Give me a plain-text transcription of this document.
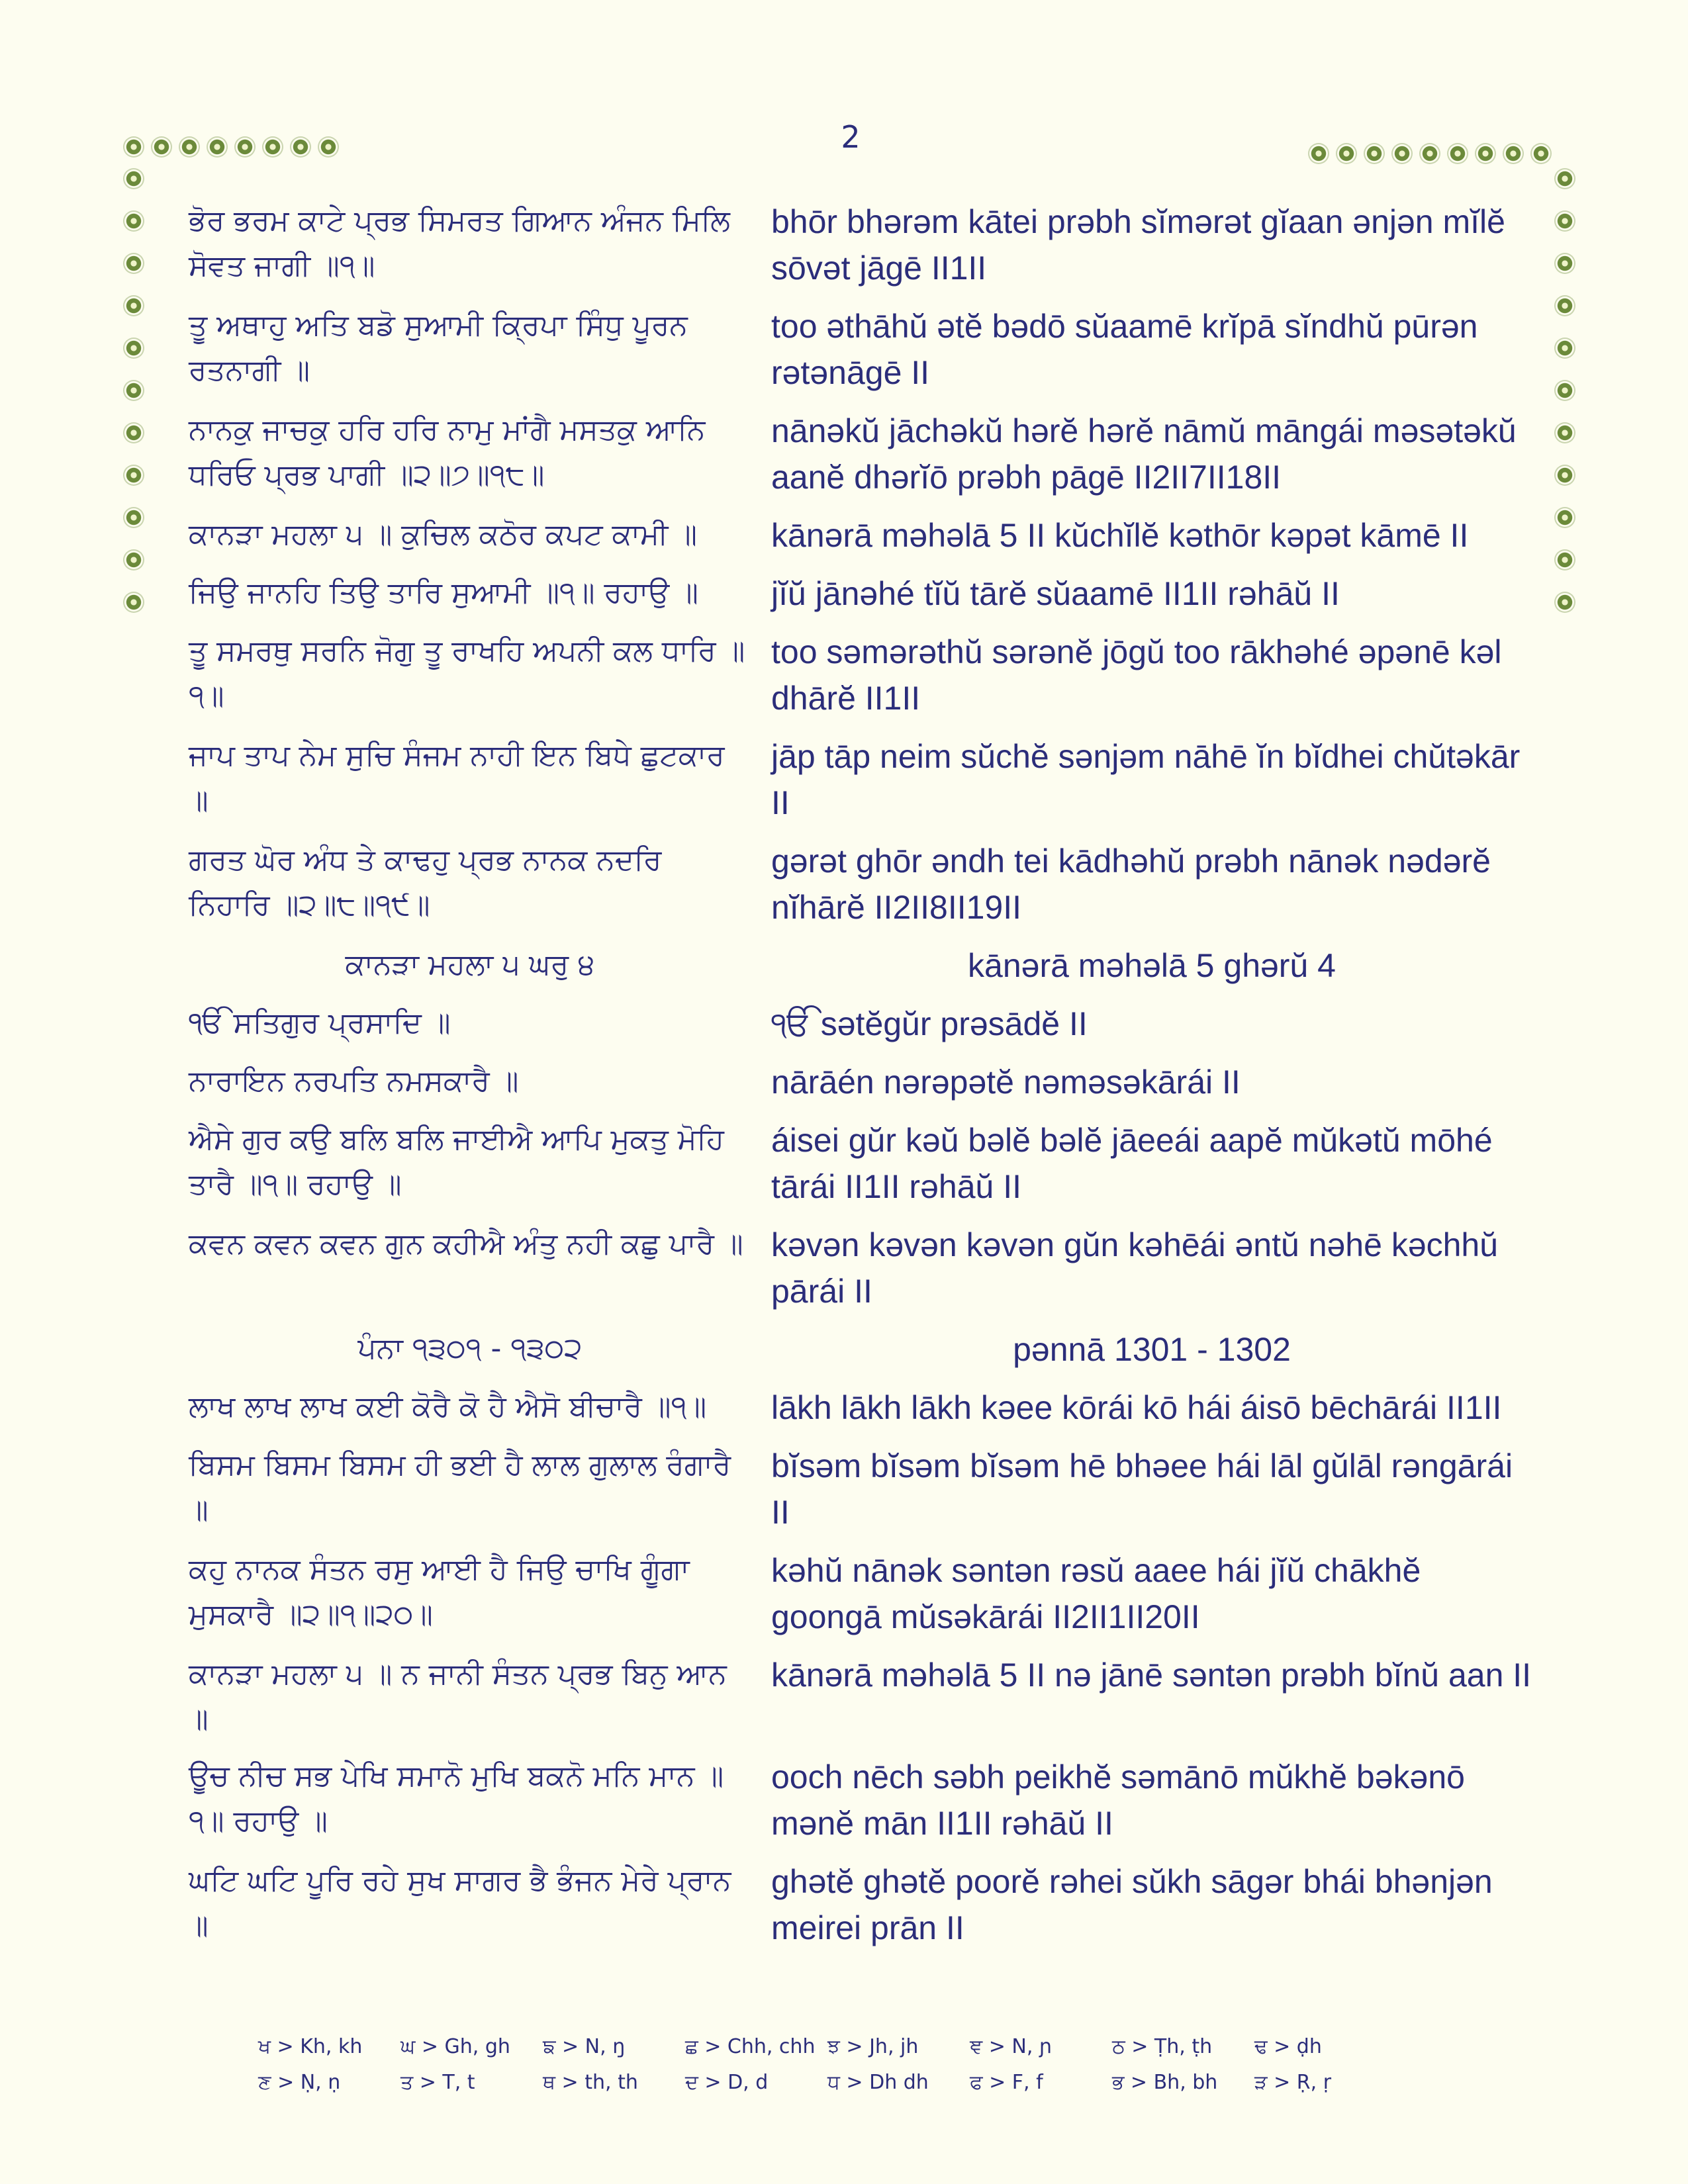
2
ਭੋਰ ਭਰਮ ਕਾਟੇ ਪ੍ਰਭ ਸਿਮਰਤ ਗਿਆਨ ਅੰਜਨ ਮਿਲਿ ਸੋਵਤ ਜਾਗੀ ॥੧॥
bhōr bhərəm kātei prəbh sĭmərət gĭaan ənjən mĭlĕ sōvət jāgē II1II
ਤੂ ਅਥਾਹੁ ਅਤਿ ਬਡੋ ਸੁਆਮੀ ਕ੍ਰਿਪਾ ਸਿੰਧੁ ਪੂਰਨ ਰਤਨਾਗੀ ॥
too əthāhŭ ətĕ bədō sŭaamē krĭpā sĭndhŭ pūrən rətənāgē II
ਨਾਨਕੁ ਜਾਚਕੁ ਹਰਿ ਹਰਿ ਨਾਮੁ ਮਾਂਗੈ ਮਸਤਕੁ ਆਨਿ ਧਰਿਓ ਪ੍ਰਭ ਪਾਗੀ ॥੨॥੭॥੧੮॥
nānəkŭ jāchəkŭ hərĕ hərĕ nāmŭ māngái məsətəkŭ aanĕ dhərĭō prəbh pāgē II2II7II18II
ਕਾਨੜਾ ਮਹਲਾ ੫ ॥ ਕੁਚਿਲ ਕਠੋਰ ਕਪਟ ਕਾਮੀ ॥	kānərā məhəlā 5 II kŭchĭlĕ kəthōr kəpət kāmē II
ਜਿਉ ਜਾਨਹਿ ਤਿਉ ਤਾਰਿ ਸੁਆਮੀ ॥੧॥ ਰਹਾਉ ॥	jĭŭ jānəhé tĭŭ tārĕ sŭaamē II1II rəhāŭ II
ਤੂ ਸਮਰਥੁ ਸਰਨਿ ਜੋਗੁ ਤੂ ਰਾਖਹਿ ਅਪਨੀ ਕਲ ਧਾਰਿ ॥੧॥
too səmərəthŭ sərənĕ jōgŭ too rākhəhé əpənē kəl dhārĕ II1II
ਜਾਪ ਤਾਪ ਨੇਮ ਸੁਚਿ ਸੰਜਮ ਨਾਹੀ ਇਨ ਬਿਧੇ ਛੁਟਕਾਰ ॥
jāp tāp neim sŭchĕ sənjəm nāhē ĭn bĭdhei chŭtəkār II
ਗਰਤ ਘੋਰ ਅੰਧ ਤੇ ਕਾਢਹੁ ਪ੍ਰਭ ਨਾਨਕ ਨਦਰਿ ਨਿਹਾਰਿ ॥੨॥੮॥੧੯॥
gərət ghōr əndh tei kādhəhŭ prəbh nānək nədərĕ nĭhārĕ II2II8II19II
ਕਾਨੜਾ ਮਹਲਾ ੫ ਘਰੁ ੪	kānərā məhəlā 5 ghərŭ 4
ੴ ਸਤਿਗੁਰ ਪ੍ਰਸਾਦਿ ॥	ੴ sətĕgŭr prəsādĕ II
ਨਾਰਾਇਨ ਨਰਪਤਿ ਨਮਸਕਾਰੈ ॥	nārāén nərəpətĕ nəməsəkārái II
ਐਸੇ ਗੁਰ ਕਉ ਬਲਿ ਬਲਿ ਜਾਈਐ ਆਪਿ ਮੁਕਤੁ ਮੋਹਿ ਤਾਰੈ ॥੧॥ ਰਹਾਉ ॥
áisei gŭr kəŭ bəlĕ bəlĕ jāeeái aapĕ mŭkətŭ mōhé tārái II1II rəhāŭ II
ਕਵਨ ਕਵਨ ਕਵਨ ਗੁਨ ਕਹੀਐ ਅੰਤੁ ਨਹੀ ਕਛੁ ਪਾਰੈ ॥ kəvən kəvən kəvən gŭn kəhēái əntŭ nəhē kəchhŭ pārái II
ਪੰਨਾ ੧੩੦੧ - ੧੩੦੨	pənnā 1301 - 1302
ਲਾਖ ਲਾਖ ਲਾਖ ਕਈ ਕੋਰੈ ਕੋ ਹੈ ਐਸੋ ਬੀਚਾਰੈ ॥੧॥	lākh lākh lākh kəee kōrái kō hái áisō bēchārái II1II
ਬਿਸਮ ਬਿਸਮ ਬਿਸਮ ਹੀ ਭਈ ਹੈ ਲਾਲ ਗੁਲਾਲ ਰੰਗਾਰੈ ॥
bĭsəm bĭsəm bĭsəm hē bhəee hái lāl gŭlāl rəngārái II
ਕਹੁ ਨਾਨਕ ਸੰਤਨ ਰਸੁ ਆਈ ਹੈ ਜਿਉ ਚਾਖਿ ਗੂੰਗਾ ਮੁਸਕਾਰੈ ॥੨॥੧॥੨੦॥
kəhŭ nānək səntən rəsŭ aaee hái jĭŭ chākhĕ goongā mŭsəkārái II2II1II20II
ਕਾਨੜਾ ਮਹਲਾ ੫ ॥ ਨ ਜਾਨੀ ਸੰਤਨ ਪ੍ਰਭ ਬਿਨੁ ਆਨ ॥
kānərā məhəlā 5 II nə jānē səntən prəbh bĭnŭ aan II
ਊਚ ਨੀਚ ਸਭ ਪੇਖਿ ਸਮਾਨੋ ਮੁਖਿ ਬਕਨੋ ਮਨਿ ਮਾਨ ॥੧॥ ਰਹਾਉ ॥
ooch nēch səbh peikhĕ səmānō mŭkhĕ bəkənō mənĕ mān II1II rəhāŭ II
ਘਟਿ ਘਟਿ ਪੂਰਿ ਰਹੇ ਸੁਖ ਸਾਗਰ ਭੈ ਭੰਜਨ ਮੇਰੇ ਪ੍ਰਾਨ ॥
ghətĕ ghətĕ poorĕ rəhei sŭkh sāgər bhái bhənjən meirei prān II
ਖ > Kh, kh	ਘ > Gh, gh	ਙ > N, ŋ	ਛ > Chh, chh ਝ > Jh, jh	ਞ > N, ɲ	ਠ > Ṭh, ṭh	ਢ > ḍh
ਣ > Ṇ, ṇ	ਤ > T, t	ਥ > th, th	ਦ > D, d	ਧ > Dh dh	ਫ > F, f	ਭ > Bh, bh	ੜ > Ṛ, ṛ
